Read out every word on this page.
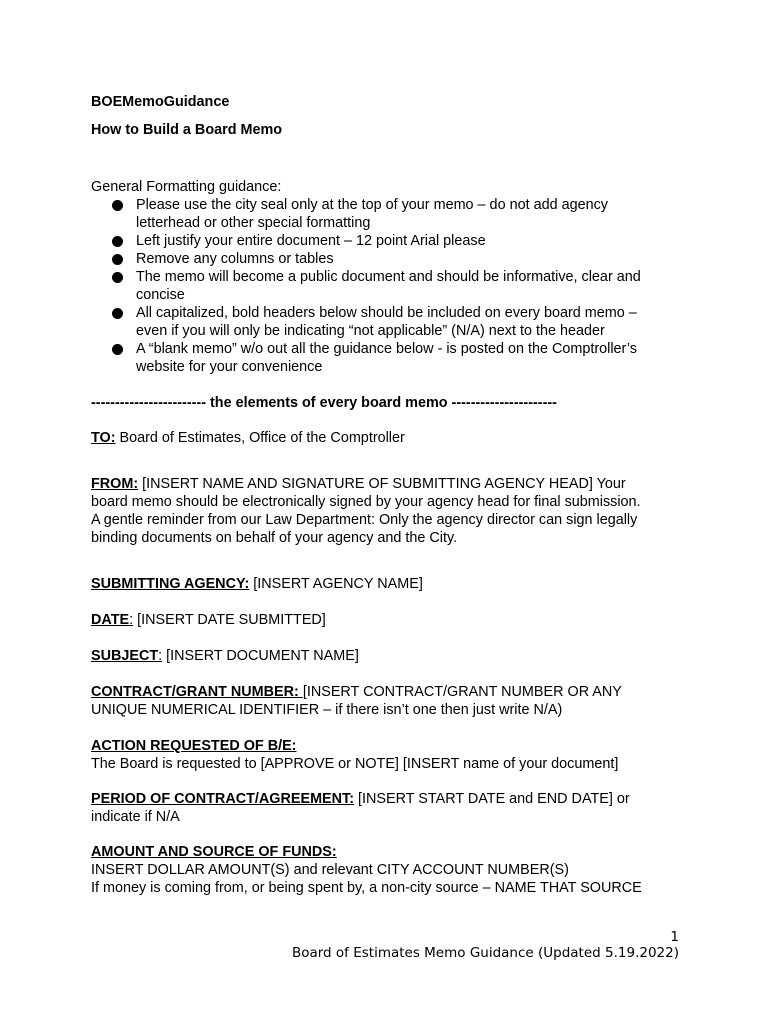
BOEMemoGuidance
How to Build a Board Memo
General Formatting guidance:
Please use the city seal only at the top of your memo – do not add agency
letterhead or other special formatting
Left justify your entire document – 12 point Arial please
Remove any columns or tables
The memo will become a public document and should be informative, clear and
concise
All capitalized, bold headers below should be included on every board memo –
even if you will only be indicating “not applicable” (N/A) next to the header
A “blank memo” w/o out all the guidance below - is posted on the Comptroller’s
website for your convenience
------------------------ the elements of every board memo ----------------------
TO: Board of Estimates, Office of the Comptroller
FROM: [INSERT NAME AND SIGNATURE OF SUBMITTING AGENCY HEAD] Your
board memo should be electronically signed by your agency head for final submission.
A gentle reminder from our Law Department: Only the agency director can sign legally
binding documents on behalf of your agency and the City.
SUBMITTING AGENCY: [INSERT AGENCY NAME]
DATE: [INSERT DATE SUBMITTED]
SUBJECT: [INSERT DOCUMENT NAME]
CONTRACT/GRANT NUMBER: [INSERT CONTRACT/GRANT NUMBER OR ANY
UNIQUE NUMERICAL IDENTIFIER – if there isn’t one then just write N/A)
ACTION REQUESTED OF B/E:
The Board is requested to [APPROVE or NOTE] [INSERT name of your document]
PERIOD OF CONTRACT/AGREEMENT: [INSERT START DATE and END DATE] or
indicate if N/A
AMOUNT AND SOURCE OF FUNDS:
INSERT DOLLAR AMOUNT(S) and relevant CITY ACCOUNT NUMBER(S)
If money is coming from, or being spent by, a non-city source – NAME THAT SOURCE
1
Board of Estimates Memo Guidance (Updated 5.19.2022)
